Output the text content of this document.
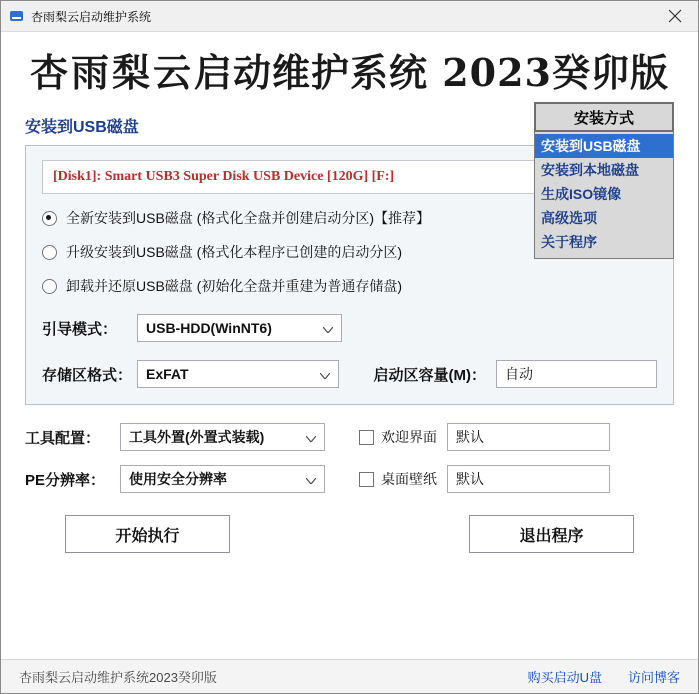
杏雨梨云启动维护系统
杏雨梨云启动维护系统 2023癸卯版
安装方式
安装到USB磁盘
安装到本地磁盘
生成ISO镜像
高级选项
关于程序
安装到USB磁盘
[Disk1]: Smart USB3 Super Disk USB Device [120G] [F:]
全新安装到USB磁盘 (格式化全盘并创建启动分区)【推荐】
升级安装到USB磁盘 (格式化本程序已创建的启动分区)
卸载并还原USB磁盘 (初始化全盘并重建为普通存储盘)
引导模式：	USB-HDD(WinNT6)
存储区格式： ExFAT	启动区容量(M)： 自动
工具配置：	工具外置(外置式装载)	欢迎界面 默认
PE分辨率：	使用安全分辨率	桌面壁纸 默认
开始执行	退出程序
杏雨梨云启动维护系统2023癸卯版	购买启动U盘 访问博客
